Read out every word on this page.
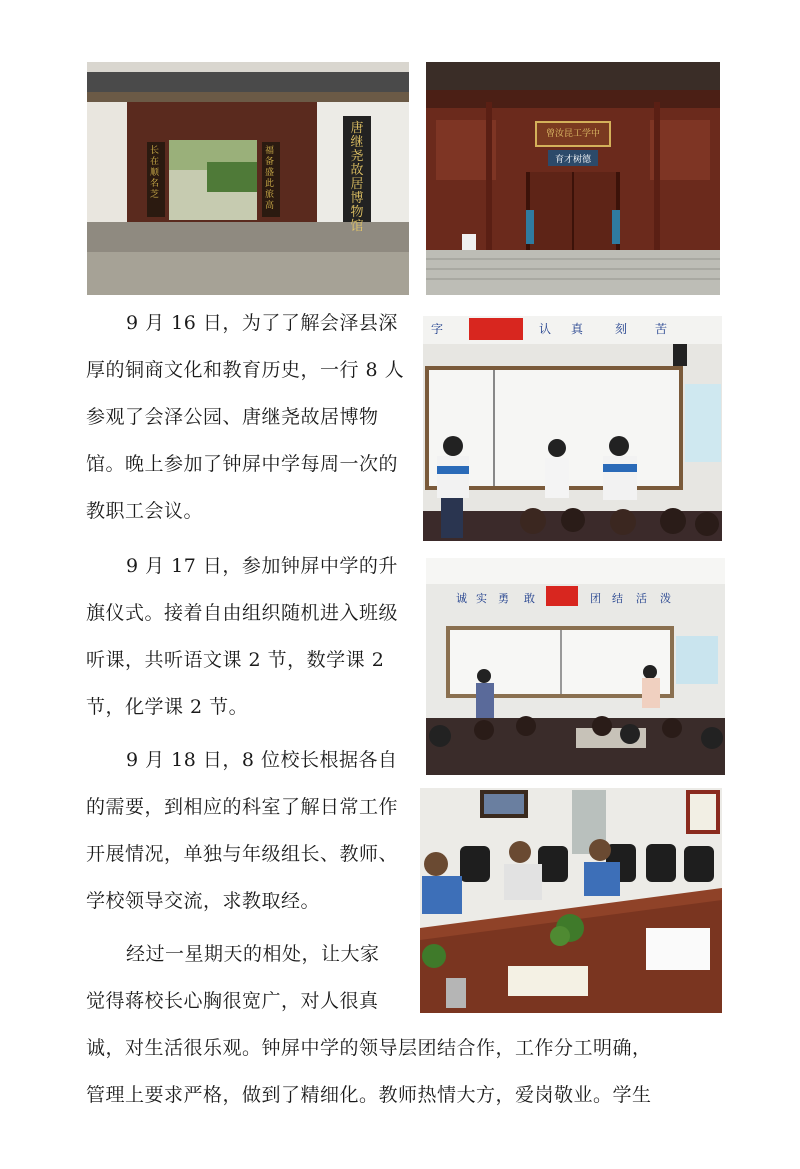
唐继尧故居博物馆
长在顺名芝
福备盛此旅高
曾汝昆工学中
育才树德
字	认 真	刻 苦
诚 实 勇 敢	团 结 活 泼

9 月 16 日，为了了解会泽县深厚的铜商文化和教育历史，一行 8 人参观了会泽公园、唐继尧故居博物馆。晚上参加了钟屏中学每周一次的教职工会议。

9 月 17 日，参加钟屏中学的升旗仪式。接着自由组织随机进入班级听课，共听语文课 2 节，数学课 2 节，化学课 2 节。

9 月 18 日，8 位校长根据各自的需要，到相应的科室了解日常工作开展情况，单独与年级组长、教师、学校领导交流，求教取经。

经过一星期天的相处，让大家

觉得蒋校长心胸很宽广，对人很真

诚，对生活很乐观。钟屏中学的领导层团结合作，工作分工明确，

管理上要求严格，做到了精细化。教师热情大方，爱岗敬业。学生
